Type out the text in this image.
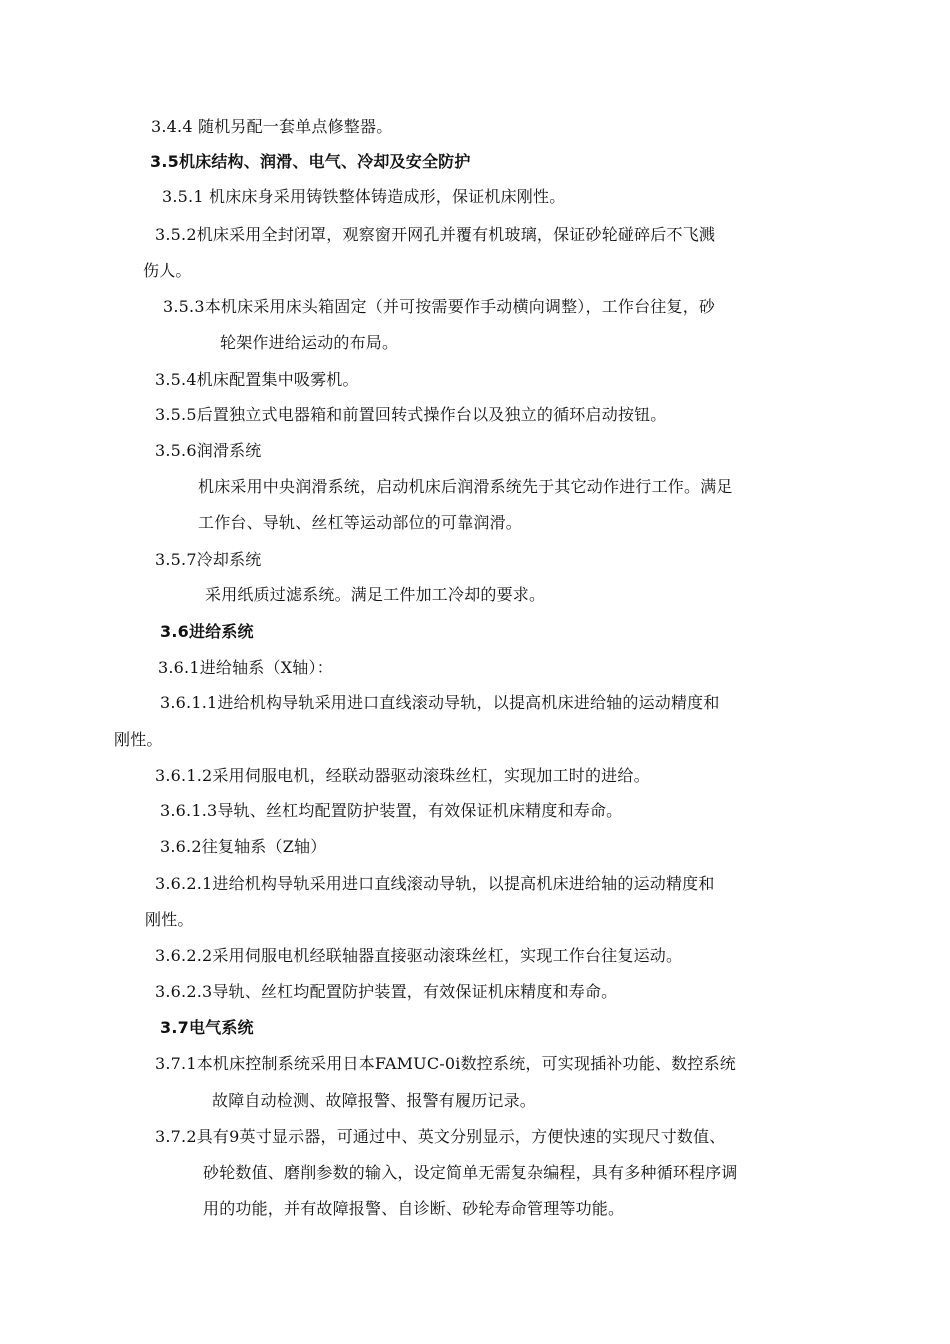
3.4.4 随机另配一套单点修整器。
3.5机床结构、润滑、电气、冷却及安全防护
3.5.1 机床床身采用铸铁整体铸造成形，保证机床刚性。
3.5.2机床采用全封闭罩，观察窗开网孔并覆有机玻璃，保证砂轮碰碎后不飞溅
伤人。
3.5.3本机床采用床头箱固定（并可按需要作手动横向调整），工作台往复，砂
轮架作进给运动的布局。
3.5.4机床配置集中吸雾机。
3.5.5后置独立式电器箱和前置回转式操作台以及独立的循环启动按钮。
3.5.6润滑系统
机床采用中央润滑系统，启动机床后润滑系统先于其它动作进行工作。满足
工作台、导轨、丝杠等运动部位的可靠润滑。
3.5.7冷却系统
采用纸质过滤系统。满足工件加工冷却的要求。
3.6进给系统
3.6.1进给轴系（X轴）：
3.6.1.1进给机构导轨采用进口直线滚动导轨，以提高机床进给轴的运动精度和
刚性。
3.6.1.2采用伺服电机，经联动器驱动滚珠丝杠，实现加工时的进给。
3.6.1.3导轨、丝杠均配置防护装置，有效保证机床精度和寿命。
3.6.2往复轴系（Z轴）
3.6.2.1进给机构导轨采用进口直线滚动导轨，以提高机床进给轴的运动精度和
刚性。
3.6.2.2采用伺服电机经联轴器直接驱动滚珠丝杠，实现工作台往复运动。
3.6.2.3导轨、丝杠均配置防护装置，有效保证机床精度和寿命。
3.7电气系统
3.7.1本机床控制系统采用日本FAMUC-0i数控系统，可实现插补功能、数控系统
故障自动检测、故障报警、报警有履历记录。
3.7.2具有9英寸显示器，可通过中、英文分别显示，方便快速的实现尺寸数值、
砂轮数值、磨削参数的输入，设定简单无需复杂编程，具有多种循环程序调
用的功能，并有故障报警、自诊断、砂轮寿命管理等功能。
